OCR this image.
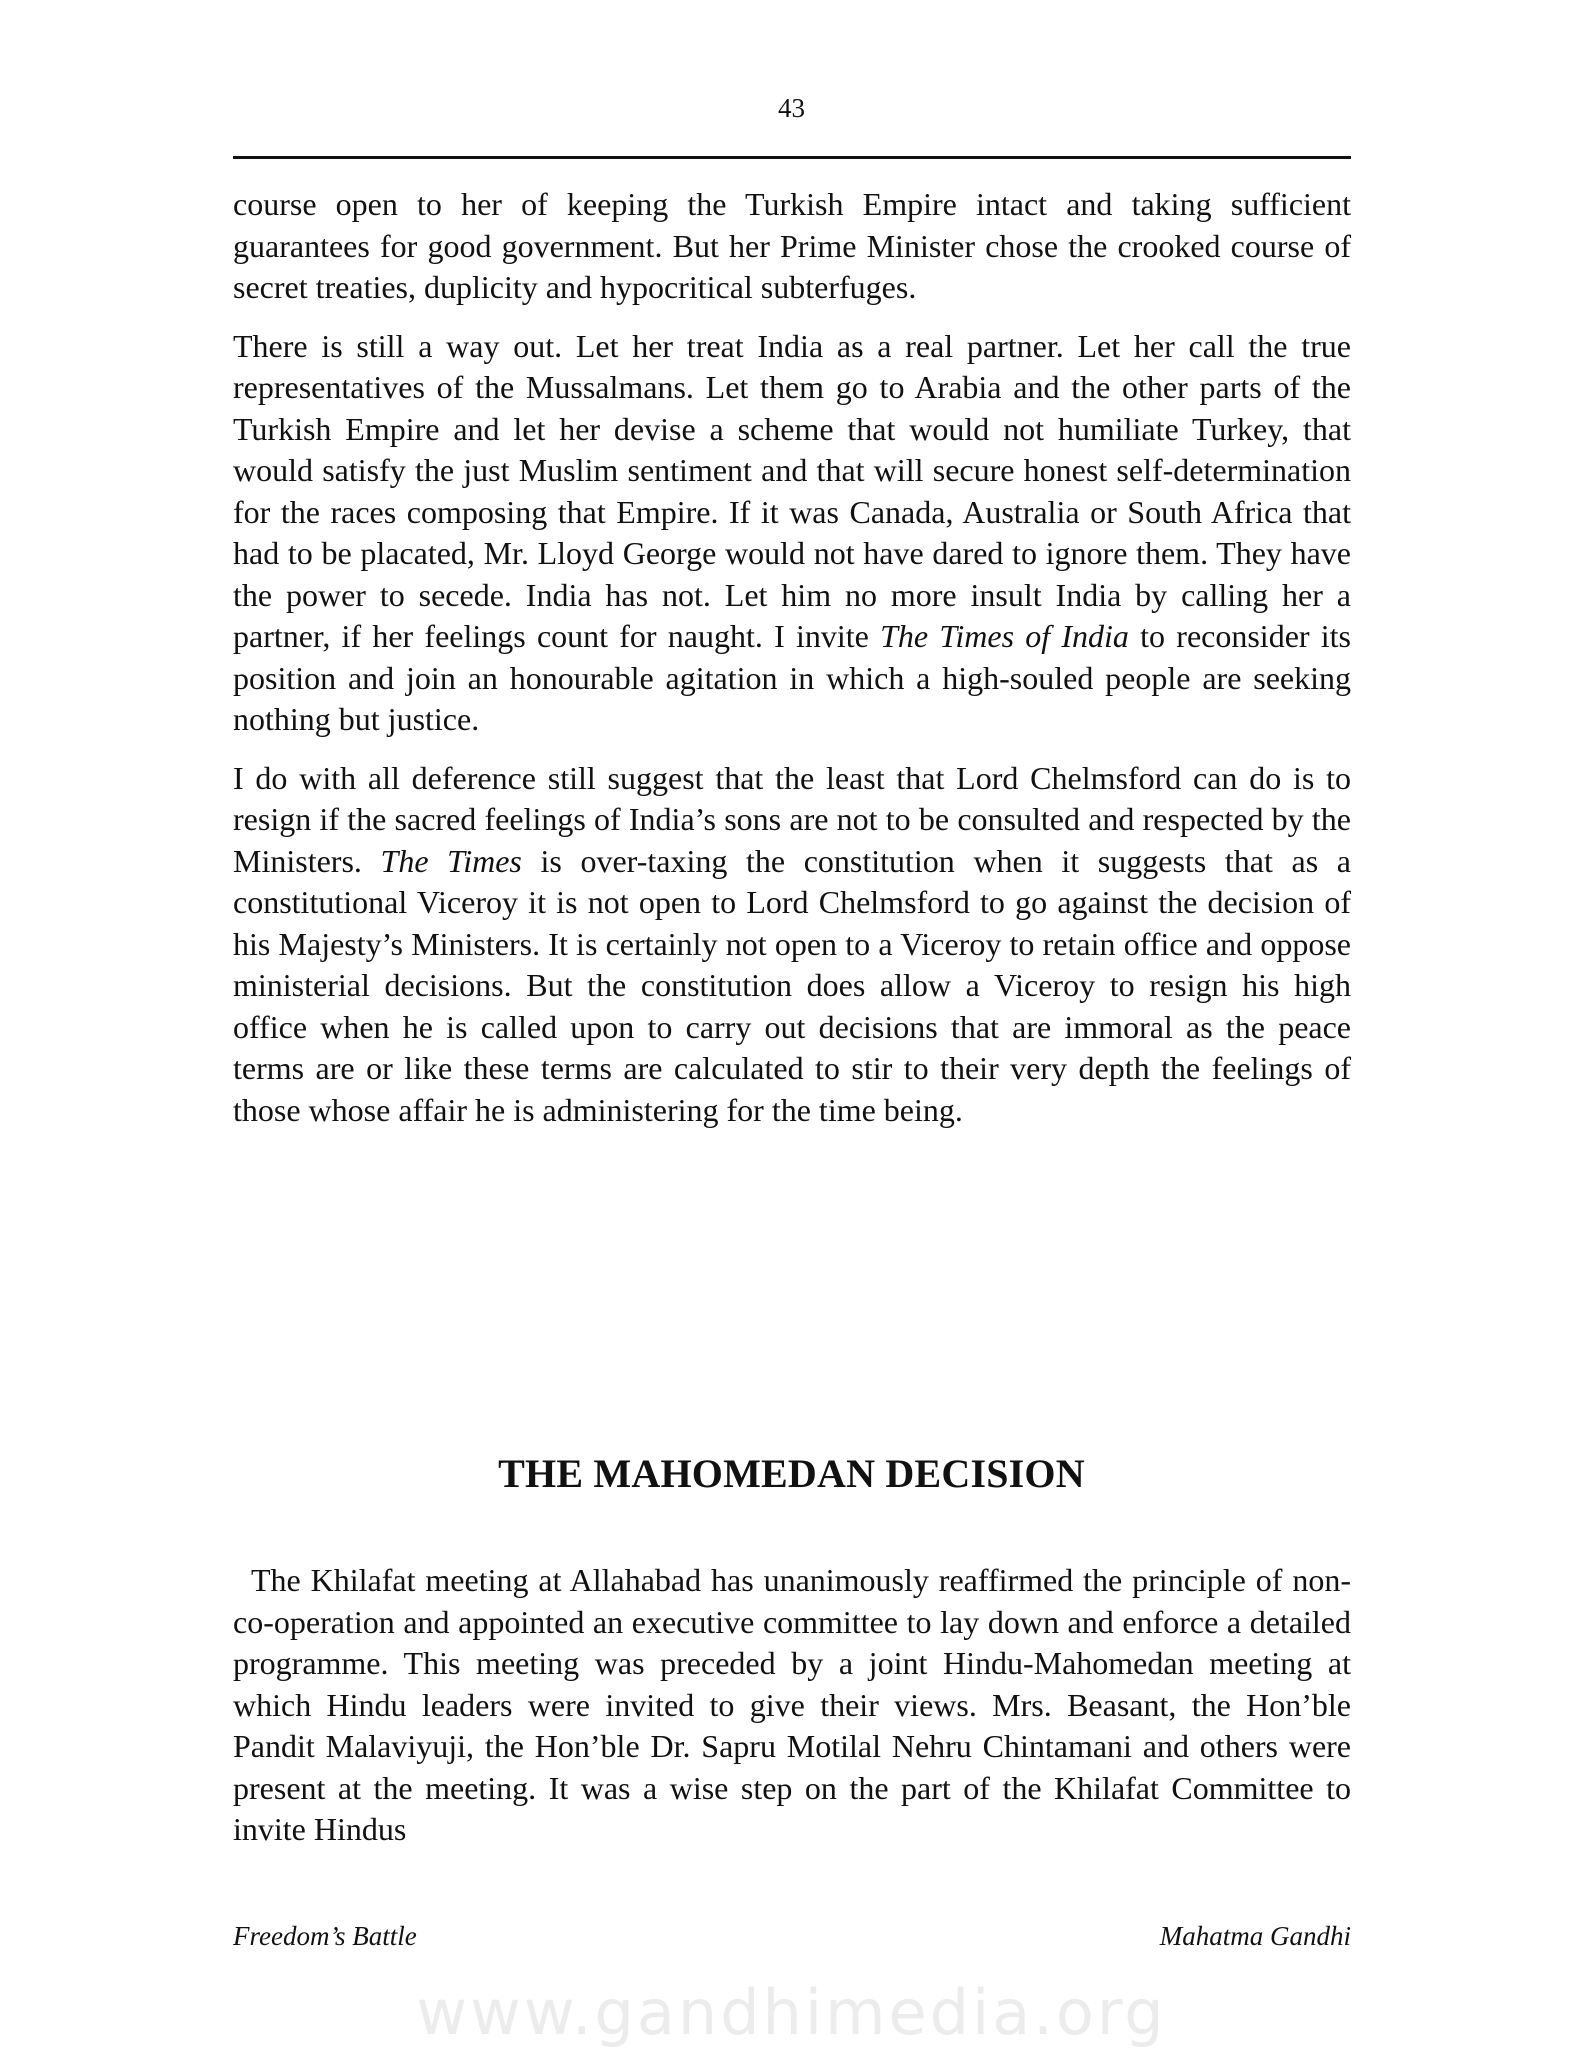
43

course open to her of keeping the Turkish Empire intact and taking sufficient guarantees for good government. But her Prime Minister chose the crooked course of secret treaties, duplicity and hypocritical subterfuges.

There is still a way out. Let her treat India as a real partner. Let her call the true representatives of the Mussalmans. Let them go to Arabia and the other parts of the Turkish Empire and let her devise a scheme that would not humiliate Turkey, that would satisfy the just Muslim sentiment and that will secure honest self-determination for the races composing that Empire. If it was Canada, Australia or South Africa that had to be placated, Mr. Lloyd George would not have dared to ignore them. They have the power to secede. India has not. Let him no more insult India by calling her a partner, if her feelings count for naught. I invite The Times of India to reconsider its position and join an honourable agitation in which a high-souled people are seeking nothing but justice.

I do with all deference still suggest that the least that Lord Chelmsford can do is to resign if the sacred feelings of India’s sons are not to be consulted and respected by the Ministers. The Times is over-taxing the constitution when it suggests that as a constitutional Viceroy it is not open to Lord Chelmsford to go against the decision of his Majesty’s Ministers. It is certainly not open to a Viceroy to retain office and oppose ministerial decisions. But the constitution does allow a Viceroy to resign his high office when he is called upon to carry out decisions that are immoral as the peace terms are or like these terms are calculated to stir to their very depth the feelings of those whose affair he is administering for the time being.

THE MAHOMEDAN DECISION

The Khilafat meeting at Allahabad has unanimously reaffirmed the principle of non-co-operation and appointed an executive committee to lay down and enforce a detailed programme. This meeting was preceded by a joint Hindu-Mahomedan meeting at which Hindu leaders were invited to give their views. Mrs. Beasant, the Hon’ble Pandit Malaviyuji, the Hon’ble Dr. Sapru Motilal Nehru Chintamani and others were present at the meeting. It was a wise step on the part of the Khilafat Committee to invite Hindus

Freedom’s Battle	Mahatma Gandhi
www.gandhimedia.org
